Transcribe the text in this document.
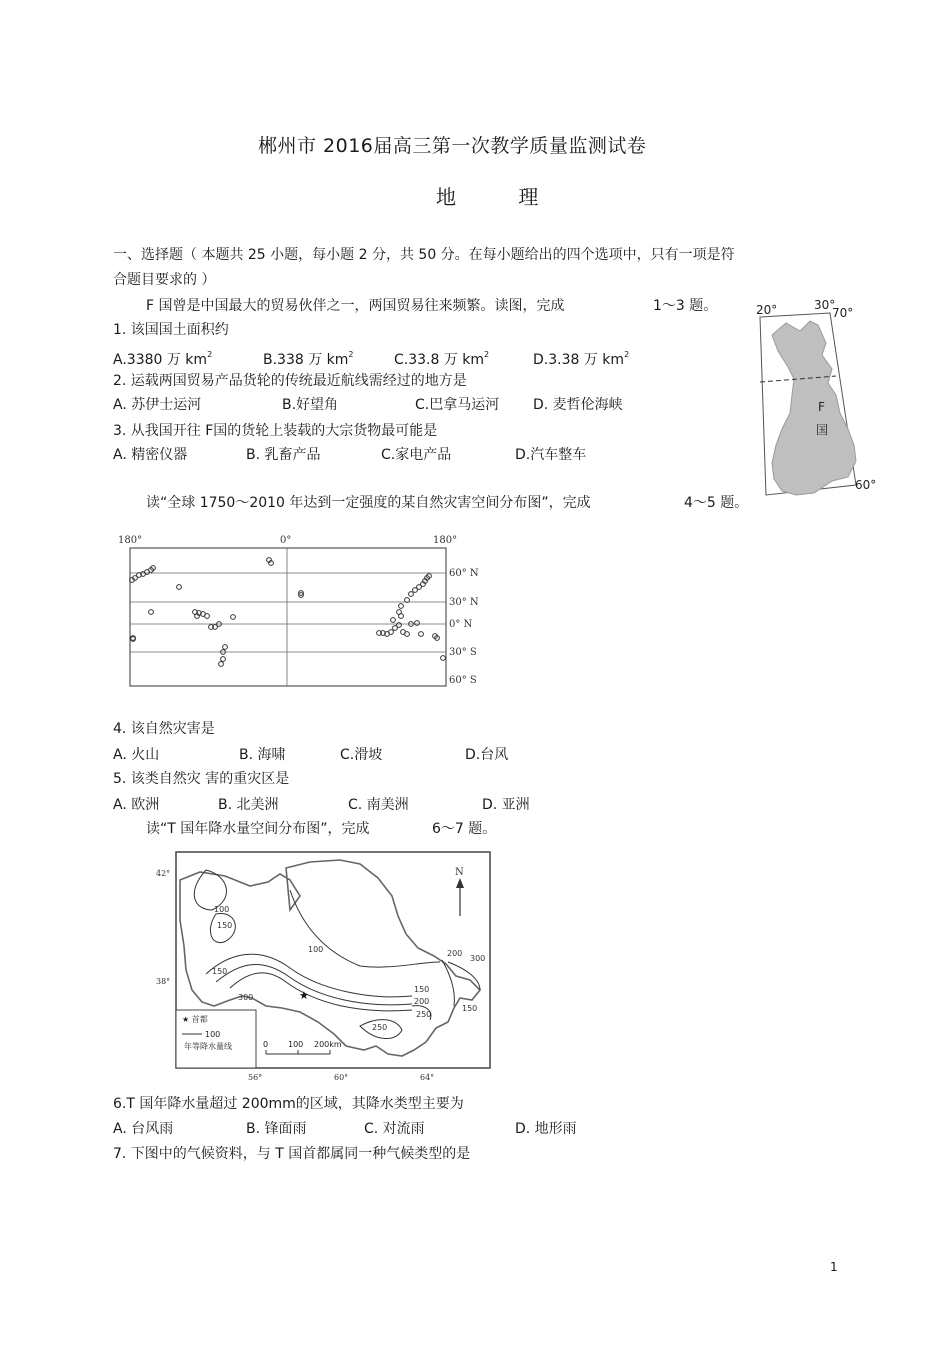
郴州市 2016届高三第一次教学质量监测试卷
地 理
一、选择题（ 本题共 25 小题，每小题 2 分，共 50 分。在每小题给出的四个选项中，只有一项是符
合题目要求的 ）
F 国曾是中国最大的贸易伙伴之一，两国贸易往来频繁。读图，完成	1～3 题。
1. 该国国土面积约
A.3380 万 $km^2$	B.338 万 $km^2$	C.33.8 万 $km^2$	D.3.38 万 $km^2$
2. 运载两国贸易产品货轮的传统最近航线需经过的地方是
A. 苏伊士运河	B.好望角	C.巴拿马运河 D. 麦哲伦海峡
3. 从我国开往 F国的货轮上装载的大宗货物最可能是
A. 精密仪器	B. 乳畜产品	C.家电产品	D.汽车整车
20°	30°
70°
60°
F
国
读“全球 1750～2010 年达到一定强度的某自然灾害空间分布图”，完成	4～5 题。
180°	0°	180°
60° N
30° N
0° N
30° S
60° S
4. 该自然灾害是
A. 火山	B. 海啸	C.滑坡	D.台风
5. 该类自然灾 害的重灾区是
A. 欧洲	B. 北美洲	C. 南美洲	D. 亚洲
读“T 国年降水量空间分布图”，完成	6～7 题。
★
N
42°
38°
56°	60°	64°
100
150
100
150
300
200
300
150
200
250
150
250
★ 首都
100
年等降水量线	0 100 200km
6.T 国年降水量超过 200mm的区域，其降水类型主要为
A. 台风雨	B. 锋面雨	C. 对流雨	D. 地形雨
7. 下图中的气候资料，与 T 国首都属同一种气候类型的是
1
